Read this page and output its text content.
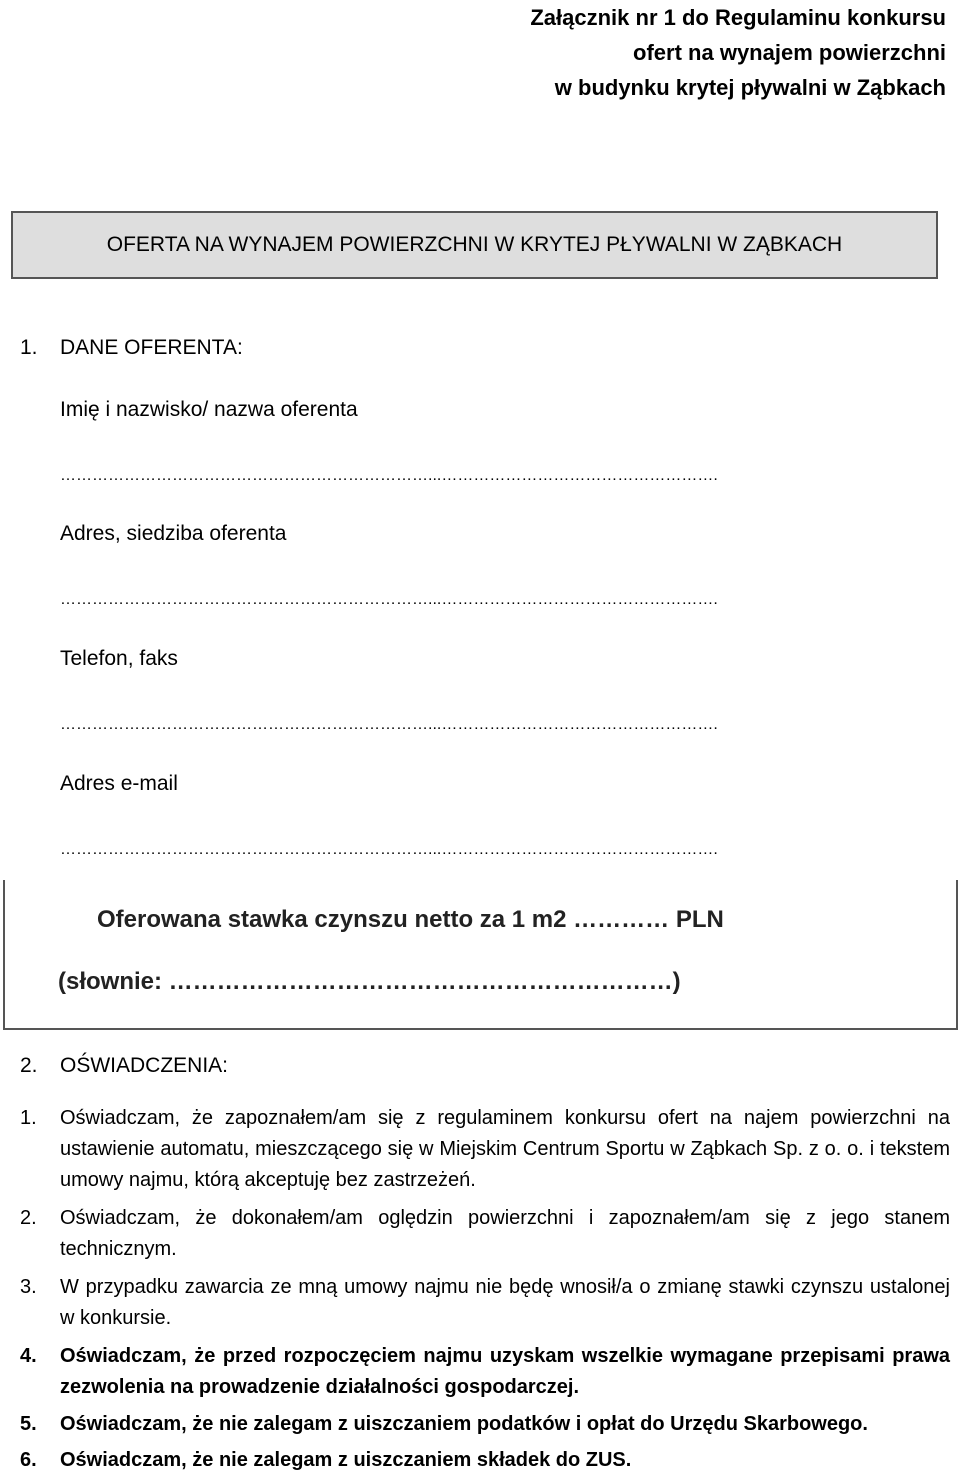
Załącznik nr 1 do Regulaminu konkursu
ofert na wynajem powierzchni
w budynku krytej pływalni w Ząbkach
OFERTA NA WYNAJEM POWIERZCHNI W KRYTEJ PŁYWALNI W ZĄBKACH
1. DANE OFERENTA:
Imię i nazwisko/ nazwa oferenta
……………………………………………………………...…………………………………………….
Adres, siedziba oferenta
……………………………………………………………...…………………………………………….
Telefon, faks
……………………………………………………………...…………………………………………….
Adres e-mail
……………………………………………………………...…………………………………………….
Oferowana stawka czynszu netto za 1 m2 ………… PLN
(słownie: ………………………………………………………)
2. OŚWIADCZENIA:
1. Oświadczam, że zapoznałem/am się z regulaminem konkursu ofert na najem powierzchni na ustawienie automatu, mieszczącego się w Miejskim Centrum Sportu w Ząbkach Sp. z o. o. i tekstem umowy najmu, którą akceptuję bez zastrzeżeń.
2. Oświadczam, że dokonałem/am oględzin powierzchni i zapoznałem/am się z jego stanem technicznym.
3. W przypadku zawarcia ze mną umowy najmu nie będę wnosił/a o zmianę stawki czynszu ustalonej w konkursie.
4. Oświadczam, że przed rozpoczęciem najmu uzyskam wszelkie wymagane przepisami prawa zezwolenia na prowadzenie działalności gospodarczej.
5. Oświadczam, że nie zalegam z uiszczaniem podatków i opłat do Urzędu Skarbowego.
6. Oświadczam, że nie zalegam z uiszczaniem składek do ZUS.
